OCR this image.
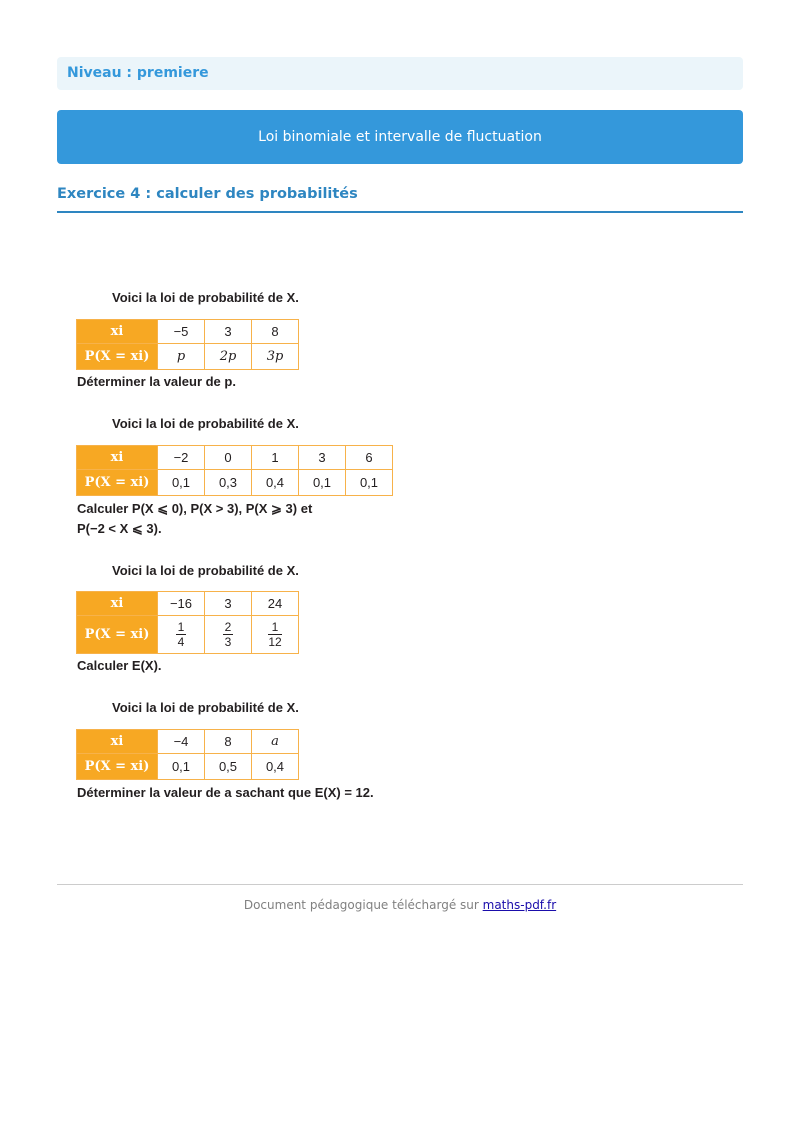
Niveau : premiere
Loi binomiale et intervalle de fluctuation
Exercice 4 : calculer des probabilités
Voici la loi de probabilité de X.
xi	−5	3	8
P(X = xi)	p	2p	3p
Déterminer la valeur de p.
Voici la loi de probabilité de X.
xi	−2	0	1	3	6
P(X = xi)	0,1	0,3	0,4	0,1	0,1
Calculer P(X ⩽ 0), P(X > 3), P(X ⩾ 3) et
P(−2 < X ⩽ 3).
Voici la loi de probabilité de X.
xi	−16	3	24
P(X = xi)	$\frac{1}{4}$	$\frac{2}{3}$	$\frac{1}{12}$
Calculer E(X).
Voici la loi de probabilité de X.
xi	−4	8	a
P(X = xi)	0,1	0,5	0,4
Déterminer la valeur de a sachant que E(X) = 12.
Document pédagogique téléchargé sur maths-pdf.fr
